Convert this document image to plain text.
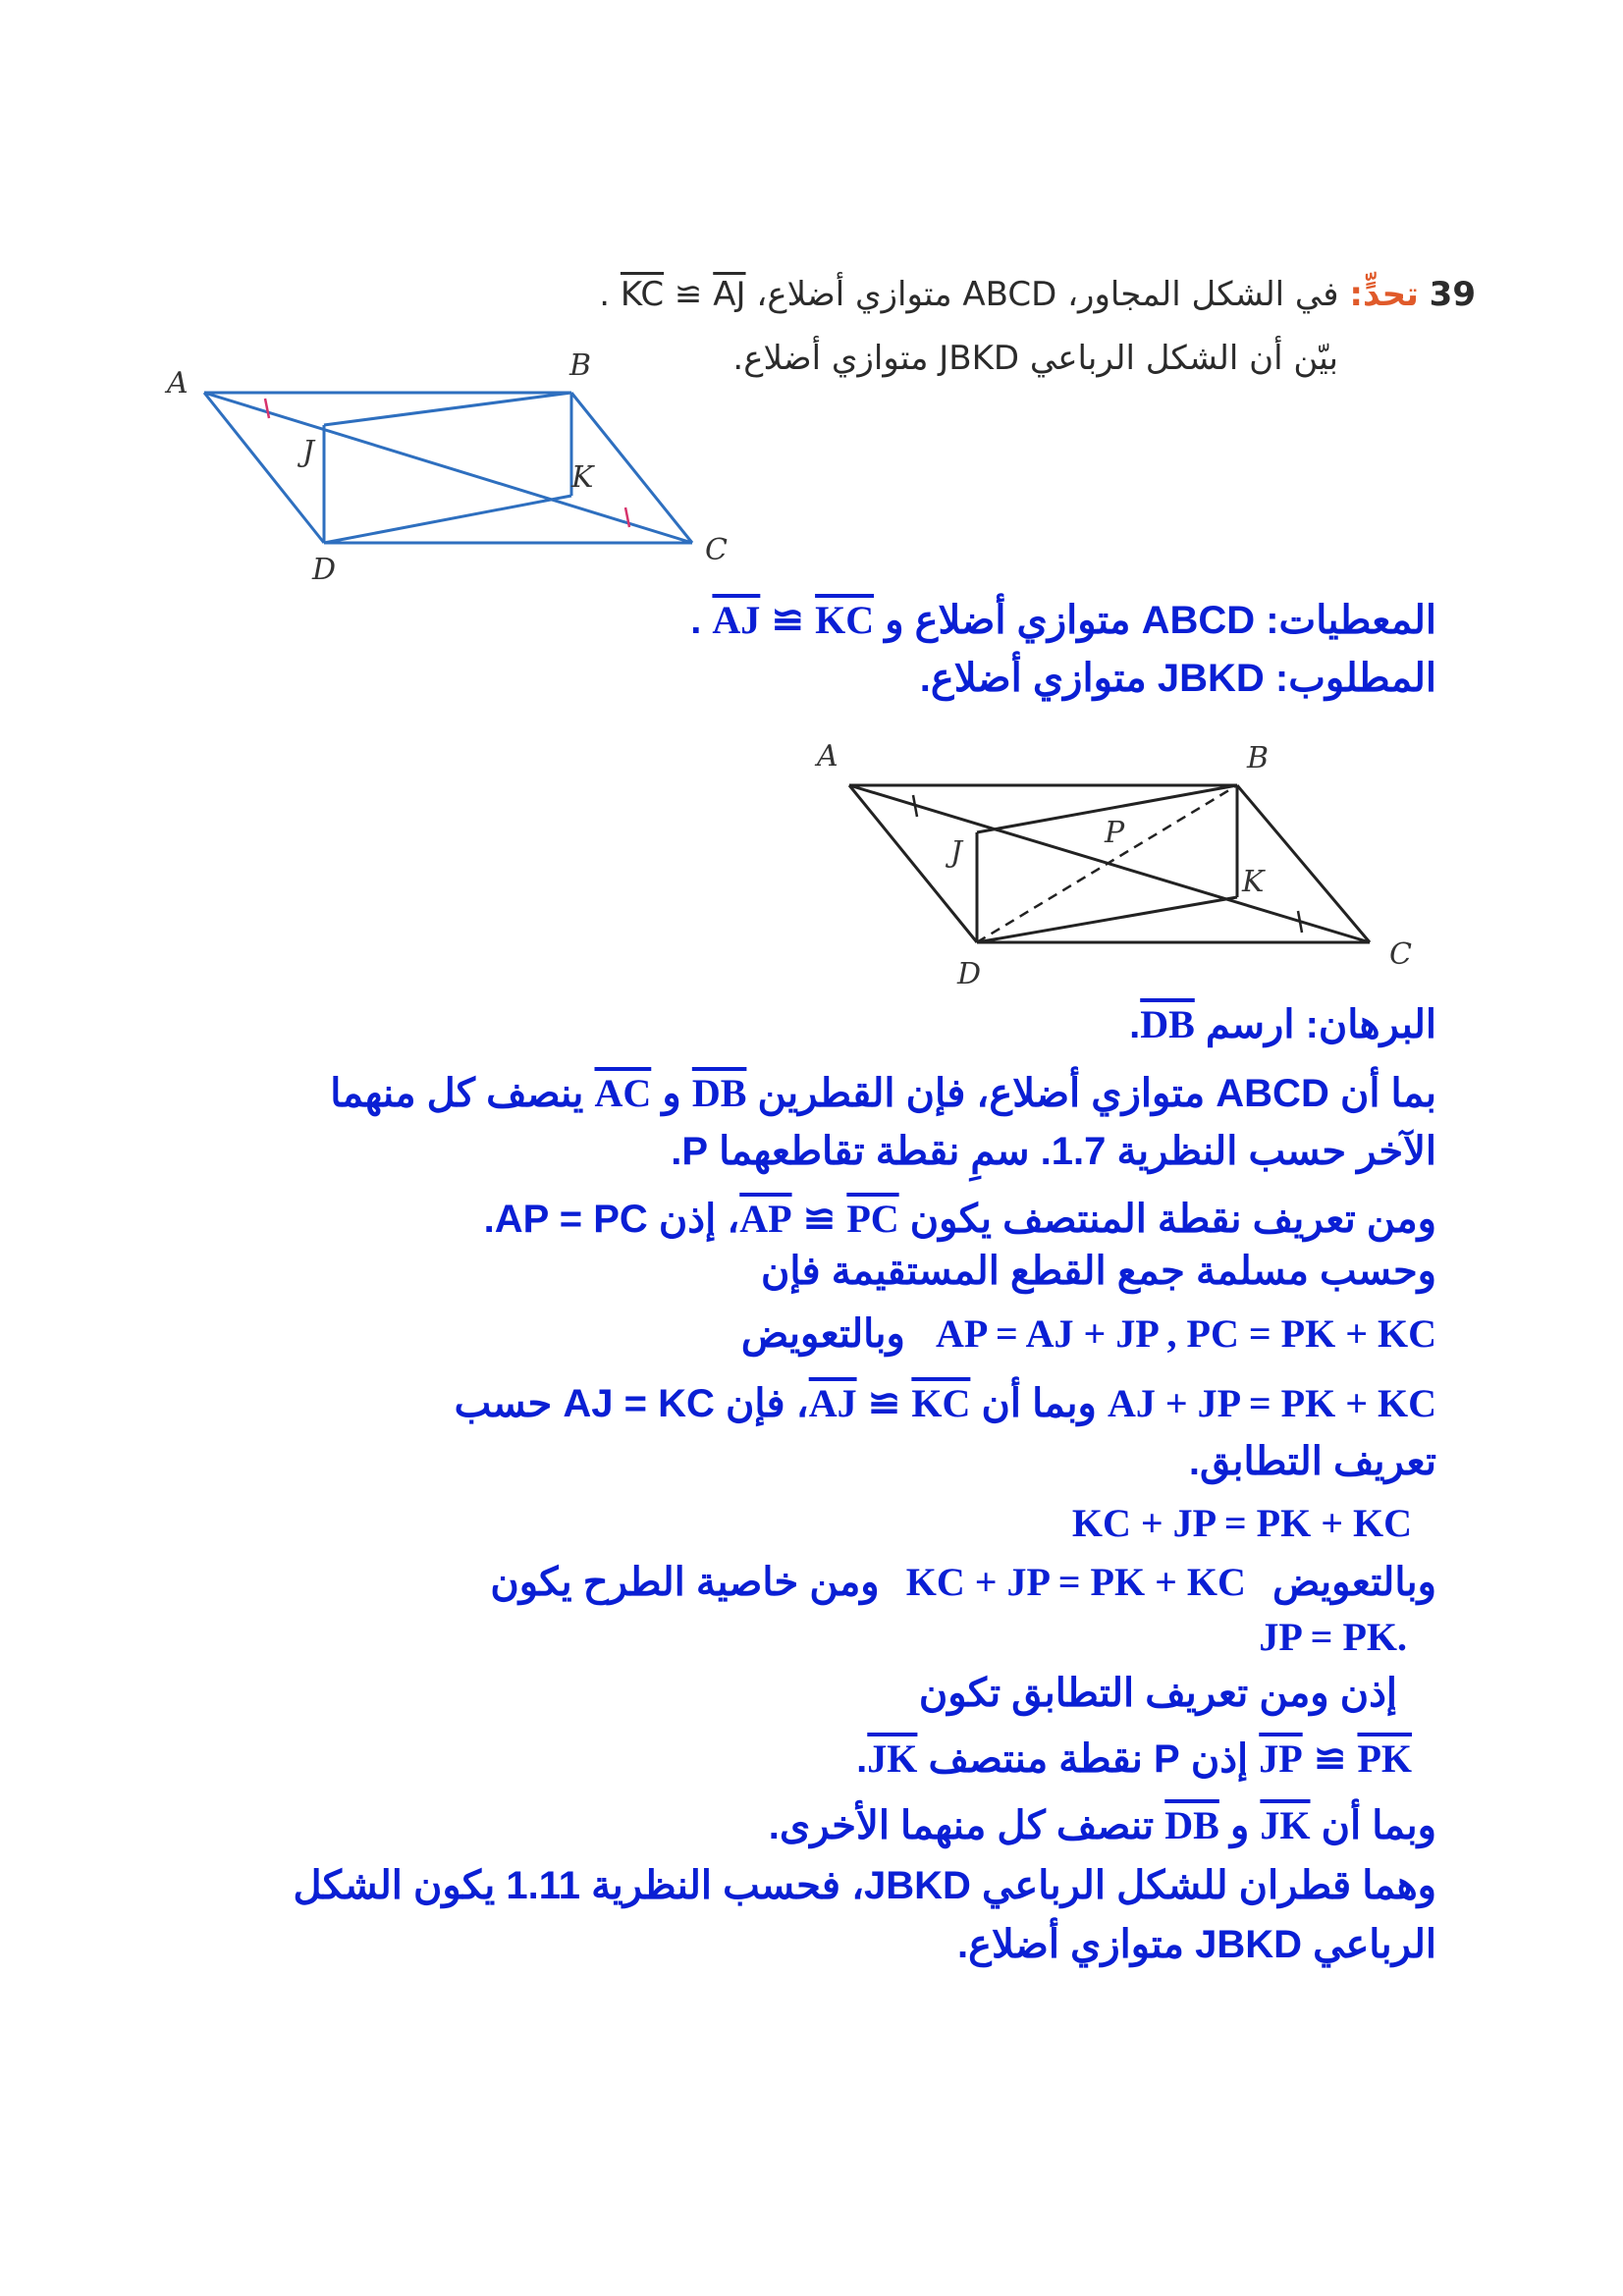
39 تحدٍّ: في الشكل المجاور، ABCD متوازي أضلاع، $\overline{AJ}$ ≅ $\overline{KC}$ .
بيّن أن الشكل الرباعي JBKD متوازي أضلاع.
A
B
C
D
J
K
المعطيات: ABCD متوازي أضلاع و $\overline{KC}$ ≅ $\overline{AJ}$ .
المطلوب: JBKD متوازي أضلاع.
A	B
C
D
J
K
P
البرهان: ارسم $\overline{DB}$.
بما أن ABCD متوازي أضلاع، فإن القطرين $\overline{DB}$ و $\overline{AC}$ ينصف كل منهما
الآخر حسب النظرية 1.7. سمِ نقطة تقاطعهما P.
ومن تعريف نقطة المنتصف يكون $\overline{PC}$ ≅ $\overline{AP}،$ إذن AP = PC.
وحسب مسلمة جمع القطع المستقيمة فإن
AP = AJ + JP , PC = PK + KC وبالتعويض
AJ + JP = PK + KC وبما أن $\overline{KC}$ ≅ $\overline{AJ}،$ فإن AJ = KC حسب
تعريف التطابق.
KC + JP = PK + KC
وبالتعويض KC + JP = PK + KC ومن خاصية الطرح يكون
.JP = PK
إذن ومن تعريف التطابق تكون
$\overline{PK}$ ≅ $\overline{JP}$ إذن P نقطة منتصف $\overline{JK}$.
وبما أن $\overline{JK}$ و $\overline{DB}$ تنصف كل منهما الأخرى.
وهما قطران للشكل الرباعي JBKD، فحسب النظرية 1.11 يكون الشكل
الرباعي JBKD متوازي أضلاع.
